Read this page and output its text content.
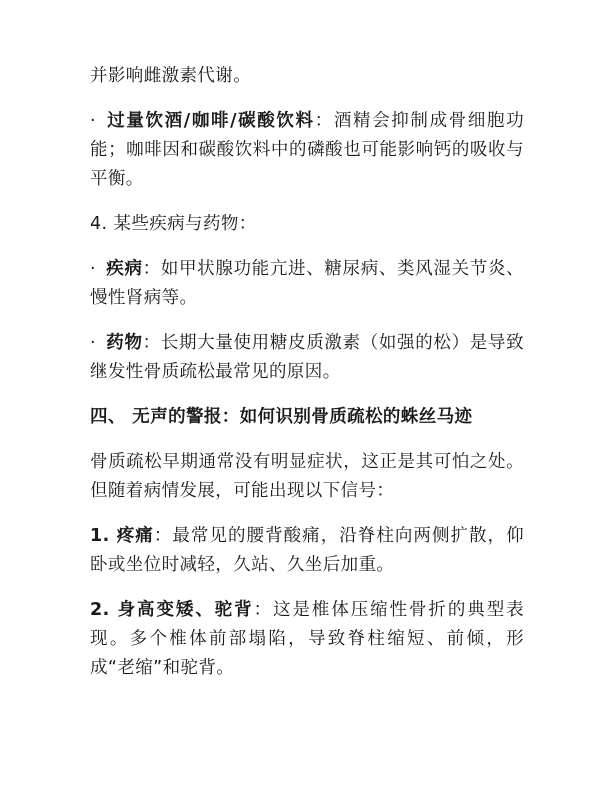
并影响雌激素代谢。

· 过量饮酒/咖啡/碳酸饮料：酒精会抑制成骨细胞功能；咖啡因和碳酸饮料中的磷酸也可能影响钙的吸收与平衡。

4. 某些疾病与药物：

· 疾病：如甲状腺功能亢进、糖尿病、类风湿关节炎、慢性肾病等。

· 药物：长期大量使用糖皮质激素（如强的松）是导致继发性骨质疏松最常见的原因。

四、 无声的警报：如何识别骨质疏松的蛛丝马迹

骨质疏松早期通常没有明显症状，这正是其可怕之处。但随着病情发展，可能出现以下信号：

1. 疼痛：最常见的腰背酸痛，沿脊柱向两侧扩散，仰卧或坐位时减轻，久站、久坐后加重。

2. 身高变矮、驼背：这是椎体压缩性骨折的典型表现。多个椎体前部塌陷，导致脊柱缩短、前倾，形成“老缩”和驼背。
